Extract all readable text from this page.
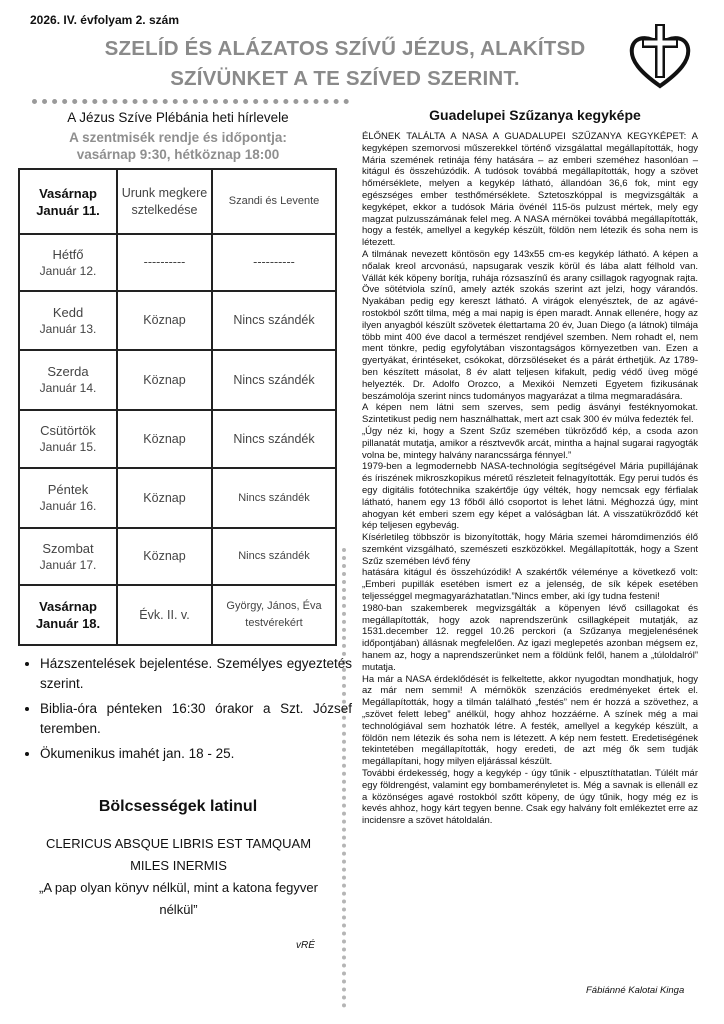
2026. IV. évfolyam 2. szám
SZELÍD ÉS ALÁZATOS SZÍVŰ JÉZUS, ALAKÍTSD
SZÍVÜNKET A TE SZÍVED SZERINT.
A Jézus Szíve Plébánia heti hírlevele
A szentmisék rendje és időpontja:
vasárnap 9:30, hétköznap 18:00
Vasárnap
Január 11.	Urunk megkeresztelkedése	Szandi és Levente

Hétfő
Január 12.	----------	----------

Kedd
Január 13.	Köznap	Nincs szándék

Szerda
Január 14.	Köznap	Nincs szándék

Csütörtök
Január 15.	Köznap	Nincs szándék

Péntek
Január 16.	Köznap	Nincs szándék

Szombat
Január 17.	Köznap	Nincs szándék

Vasárnap
Január 18.	Évk. II. v.	György, János, Éva testvérekért
• Házszentelések bejelentése. Személyes egyeztetés szerint.
• Biblia-óra pénteken 16:30 órakor a Szt. József teremben.
• Ökumenikus imahét jan. 18 - 25.
Bölcsességek latinul
CLERICUS ABSQUE LIBRIS EST TAMQUAM
MILES INERMIS
„A pap olyan könyv nélkül, mint a katona fegyver nélkül”
vRÉ
Guadelupei Szűzanya kegyképe

ÉLŐNEK TALÁLTA A NASA A GUADALUPEI SZŰZANYA KEGYKÉPET: A kegyképen szemorvosi műszerekkel történő vizsgálattal megállapították, hogy Mária szemének retinája fény hatására – az emberi szeméhez hasonlóan – kitágul és összehúzódik. A tudósok továbbá megállapították, hogy a szövet hőmérséklete, melyen a kegykép látható, állandóan 36,6 fok, mint egy egészséges ember testhőmérséklete. Sztetoszkóppal is megvizsgálták a kegyképet, ekkor a tudósok Mária övénél 115-ös pulzust mértek, mely egy magzat pulzusszámának felel meg. A NASA mérnökei továbbá megállapították, hogy a festék, amellyel a kegykép készült, földön nem létezik és soha nem is létezett.

A tilmának nevezett köntösön egy 143x55 cm-es kegykép látható. A képen a nőalak kreol arcvonású, napsugarak veszik körül és lába alatt félhold van. Vállát kék köpeny borítja, ruhája rózsaszínű és arany csillagok ragyognak rajta. Öve sötétviola színű, amely azték szokás szerint azt jelzi, hogy várandós. Nyakában pedig egy kereszt látható. A virágok elenyésztek, de az agávé-rostokból szőtt tilma, még a mai napig is épen maradt. Annak ellenére, hogy az ilyen anyagból készült szövetek élettartama 20 év, Juan Diego (a látnok) tilmája több mint 400 éve dacol a természet rendjével szemben. Nem rohadt el, nem ment tönkre, pedig egyfolytában viszontagságos környezetben van. Ezen a gyertyákat, érintéseket, csókokat, dörzsöléseket és a párát érthetjük. Az 1789-ben készített másolat, 8 év alatt teljesen kifakult, pedig védő üveg mögé helyezték. Dr. Adolfo Orozco, a Mexikói Nemzeti Egyetem fizikusának beszámolója szerint nincs tudományos magyarázat a tilma megmaradására.

A képen nem látni sem szerves, sem pedig ásványi festéknyomokat. Szintetikust pedig nem használhattak, mert azt csak 300 év múlva fedezték fel.

„Úgy néz ki, hogy a Szent Szűz szemében tükröződő kép, a csoda azon pillanatát mutatja, amikor a résztvevők arcát, mintha a hajnal sugarai ragyogták volna be, mintegy halvány narancssárga fénnyel.”

1979-ben a legmodernebb NASA-technológia segítségével Mária pupillájának és íriszének mikroszkopikus méretű részleteit felnagyították. Egy perui tudós és egy digitális fotótechnika szakértője úgy vélték, hogy nemcsak egy férfialak látható, hanem egy 13 főből álló csoportot is lehet látni. Méghozzá úgy, mint ahogyan két emberi szem egy képet a valóságban lát. A visszatükröződő két kép teljesen egybevág.

Kísérletileg többször is bizonyították, hogy Mária szemei háromdimenziós élő szemként vizsgálható, szemészeti eszközökkel. Megállapították, hogy a Szent Szűz szemében lévő fény

hatására kitágul és összehúzódik! A szakértők véleménye a következő volt: „Emberi pupillák esetében ismert ez a jelenség, de sík képek esetében teljességgel megmagyarázhatatlan.”Nincs ember, aki így tudna festeni!

1980-ban szakemberek megvizsgálták a köpenyen lévő csillagokat és megállapították, hogy azok naprendszerünk csillagképeit mutatják, az 1531.december 12. reggel 10.26 perckori (a Szűzanya megjelenésének időpontjában) állásnak megfelelően. Az igazi meglepetés azonban mégsem ez, hanem az, hogy a naprendszerünket nem a földünk felől, hanem a „túloldalról” mutatja.

Ha már a NASA érdeklődését is felkeltette, akkor nyugodtan mondhatjuk, hogy az már nem semmi! A mérnökök szenzációs eredményeket értek el. Megállapították, hogy a tilmán található „festés” nem ér hozzá a szövethez, a „szövet felett lebeg” anélkül, hogy ahhoz hozzáérne. A színek még a mai technológiával sem hozhatók létre. A festék, amellyel a kegykép készült, a földön nem létezik és soha nem is létezett. A kép nem festett. Eredetiségének tekintetében megállapították, hogy eredeti, de azt még ők sem tudják megállapítani, hogy milyen eljárással készült.

További érdekesség, hogy a kegykép - úgy tűnik - elpusztíthatatlan. Túlélt már egy földrengést, valamint egy bombamerényletet is. Még a savnak is ellenáll ez a közönséges agavé rostokból szőtt köpeny, de úgy tűnik, hogy még ez is kevés ahhoz, hogy kárt tegyen benne. Csak egy halvány folt emlékeztet erre az incidensre a szövet hátoldalán.

Fábiánné Kalotai Kinga
